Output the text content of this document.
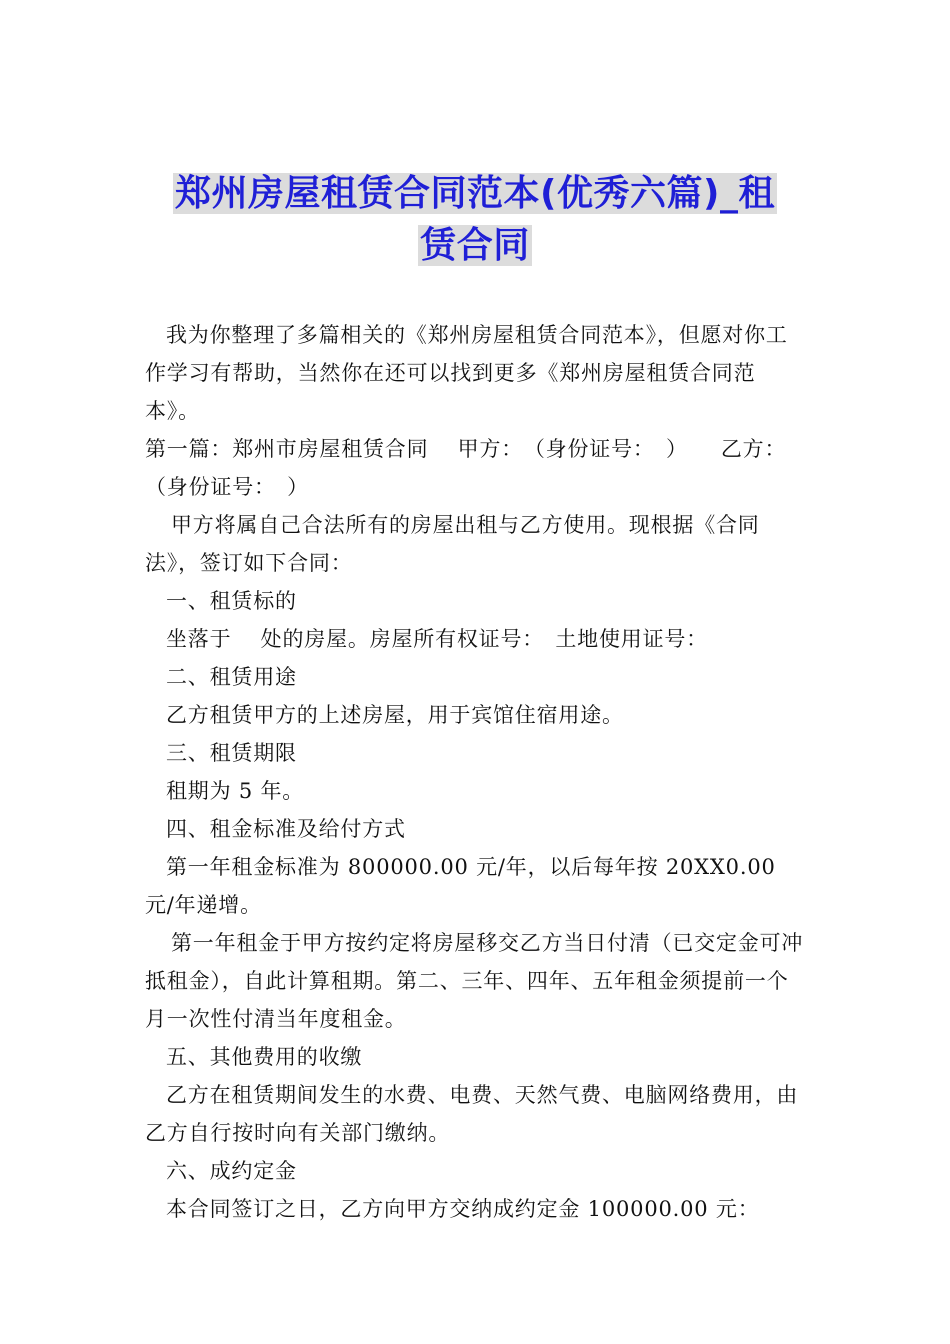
郑州房屋租赁合同范本(优秀六篇)_租
赁合同

我为你整理了多篇相关的《郑州房屋租赁合同范本》，但愿对你工作学习有帮助，当然你在还可以找到更多《郑州房屋租赁合同范本》。

第一篇：郑州市房屋租赁合同　 甲方：　（身份证号：　）　　乙方：（身份证号：　）

甲方将属自己合法所有的房屋出租与乙方使用。现根据《合同法》，签订如下合同：

一、租赁标的

坐落于　 处的房屋。房屋所有权证号：　土地使用证号：

二、租赁用途

乙方租赁甲方的上述房屋，用于宾馆住宿用途。

三、租赁期限

租期为 5 年。

四、租金标准及给付方式

第一年租金标准为 800000.00 元/年，以后每年按 20XX0.00 元/年递增。

第一年租金于甲方按约定将房屋移交乙方当日付清（已交定金可冲抵租金），自此计算租期。第二、三年、四年、五年租金须提前一个月一次性付清当年度租金。

五、其他费用的收缴

乙方在租赁期间发生的水费、电费、天然气费、电脑网络费用，由乙方自行按时向有关部门缴纳。

六、成约定金

本合同签订之日，乙方向甲方交纳成约定金 100000.00 元：
